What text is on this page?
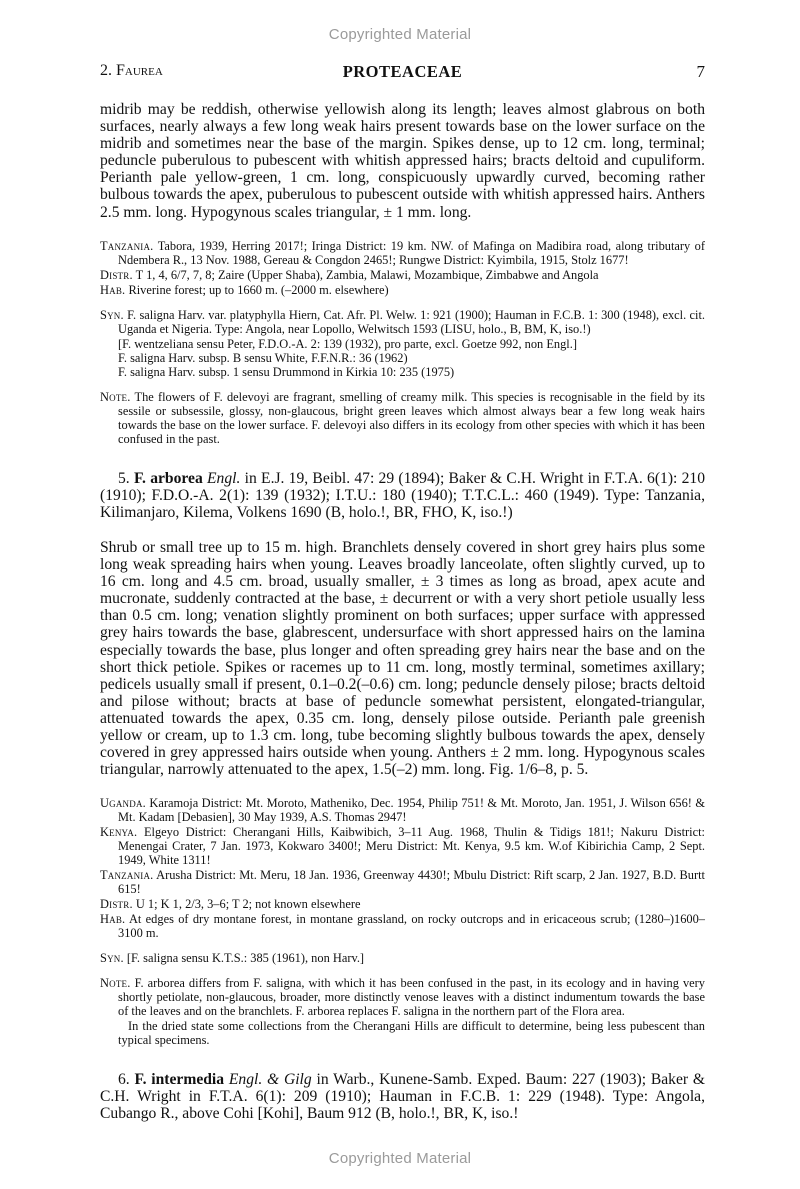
Copyrighted Material
2. Faurea	PROTEACEAE	7

midrib may be reddish, otherwise yellowish along its length; leaves almost glabrous on both surfaces, nearly always a few long weak hairs present towards base on the lower surface on the midrib and sometimes near the base of the margin. Spikes dense, up to 12 cm. long, terminal; peduncle puberulous to pubescent with whitish appressed hairs; bracts deltoid and cupuliform. Perianth pale yellow-green, 1 cm. long, conspicuously upwardly curved, becoming rather bulbous towards the apex, puberulous to pubescent outside with whitish appressed hairs. Anthers 2.5 mm. long. Hypogynous scales triangular, ± 1 mm. long.

Tanzania. Tabora, 1939, Herring 2017!; Iringa District: 19 km. NW. of Mafinga on Madibira road, along tributary of Ndembera R., 13 Nov. 1988, Gereau & Congdon 2465!; Rungwe District: Kyimbila, 1915, Stolz 1677!

Distr. T 1, 4, 6/7, 7, 8; Zaire (Upper Shaba), Zambia, Malawi, Mozambique, Zimbabwe and Angola

Hab. Riverine forest; up to 1660 m. (–2000 m. elsewhere)

Syn. F. saligna Harv. var. platyphylla Hiern, Cat. Afr. Pl. Welw. 1: 921 (1900); Hauman in F.C.B. 1: 300 (1948), excl. cit. Uganda et Nigeria. Type: Angola, near Lopollo, Welwitsch 1593 (LISU, holo., B, BM, K, iso.!)

[F. wentzeliana sensu Peter, F.D.O.-A. 2: 139 (1932), pro parte, excl. Goetze 992, non Engl.]

F. saligna Harv. subsp. B sensu White, F.F.N.R.: 36 (1962)

F. saligna Harv. subsp. 1 sensu Drummond in Kirkia 10: 235 (1975)

Note. The flowers of F. delevoyi are fragrant, smelling of creamy milk. This species is recognisable in the field by its sessile or subsessile, glossy, non-glaucous, bright green leaves which almost always bear a few long weak hairs towards the base on the lower surface. F. delevoyi also differs in its ecology from other species with which it has been confused in the past.

5. F. arborea Engl. in E.J. 19, Beibl. 47: 29 (1894); Baker & C.H. Wright in F.T.A. 6(1): 210 (1910); F.D.O.-A. 2(1): 139 (1932); I.T.U.: 180 (1940); T.T.C.L.: 460 (1949). Type: Tanzania, Kilimanjaro, Kilema, Volkens 1690 (B, holo.!, BR, FHO, K, iso.!)

Shrub or small tree up to 15 m. high. Branchlets densely covered in short grey hairs plus some long weak spreading hairs when young. Leaves broadly lanceolate, often slightly curved, up to 16 cm. long and 4.5 cm. broad, usually smaller, ± 3 times as long as broad, apex acute and mucronate, suddenly contracted at the base, ± decurrent or with a very short petiole usually less than 0.5 cm. long; venation slightly prominent on both surfaces; upper surface with appressed grey hairs towards the base, glabrescent, undersurface with short appressed hairs on the lamina especially towards the base, plus longer and often spreading grey hairs near the base and on the short thick petiole. Spikes or racemes up to 11 cm. long, mostly terminal, sometimes axillary; pedicels usually small if present, 0.1–0.2(–0.6) cm. long; peduncle densely pilose; bracts deltoid and pilose without; bracts at base of peduncle somewhat persistent, elongated-triangular, attenuated towards the apex, 0.35 cm. long, densely pilose outside. Perianth pale greenish yellow or cream, up to 1.3 cm. long, tube becoming slightly bulbous towards the apex, densely covered in grey appressed hairs outside when young. Anthers ± 2 mm. long. Hypogynous scales triangular, narrowly attenuated to the apex, 1.5(–2) mm. long. Fig. 1/6–8, p. 5.

Uganda. Karamoja District: Mt. Moroto, Matheniko, Dec. 1954, Philip 751! & Mt. Moroto, Jan. 1951, J. Wilson 656! & Mt. Kadam [Debasien], 30 May 1939, A.S. Thomas 2947!

Kenya. Elgeyo District: Cherangani Hills, Kaibwibich, 3–11 Aug. 1968, Thulin & Tidigs 181!; Nakuru District: Menengai Crater, 7 Jan. 1973, Kokwaro 3400!; Meru District: Mt. Kenya, 9.5 km. W.of Kibirichia Camp, 2 Sept. 1949, White 1311!

Tanzania. Arusha District: Mt. Meru, 18 Jan. 1936, Greenway 4430!; Mbulu District: Rift scarp, 2 Jan. 1927, B.D. Burtt 615!

Distr. U 1; K 1, 2/3, 3–6; T 2; not known elsewhere

Hab. At edges of dry montane forest, in montane grassland, on rocky outcrops and in ericaceous scrub; (1280–)1600–3100 m.

Syn. [F. saligna sensu K.T.S.: 385 (1961), non Harv.]

Note. F. arborea differs from F. saligna, with which it has been confused in the past, in its ecology and in having very shortly petiolate, non-glaucous, broader, more distinctly venose leaves with a distinct indumentum towards the base of the leaves and on the branchlets. F. arborea replaces F. saligna in the northern part of the Flora area.

In the dried state some collections from the Cherangani Hills are difficult to determine, being less pubescent than typical specimens.

6. F. intermedia Engl. & Gilg in Warb., Kunene-Samb. Exped. Baum: 227 (1903); Baker & C.H. Wright in F.T.A. 6(1): 209 (1910); Hauman in F.C.B. 1: 229 (1948). Type: Angola, Cubango R., above Cohi [Kohi], Baum 912 (B, holo.!, BR, K, iso.!

Copyrighted Material
